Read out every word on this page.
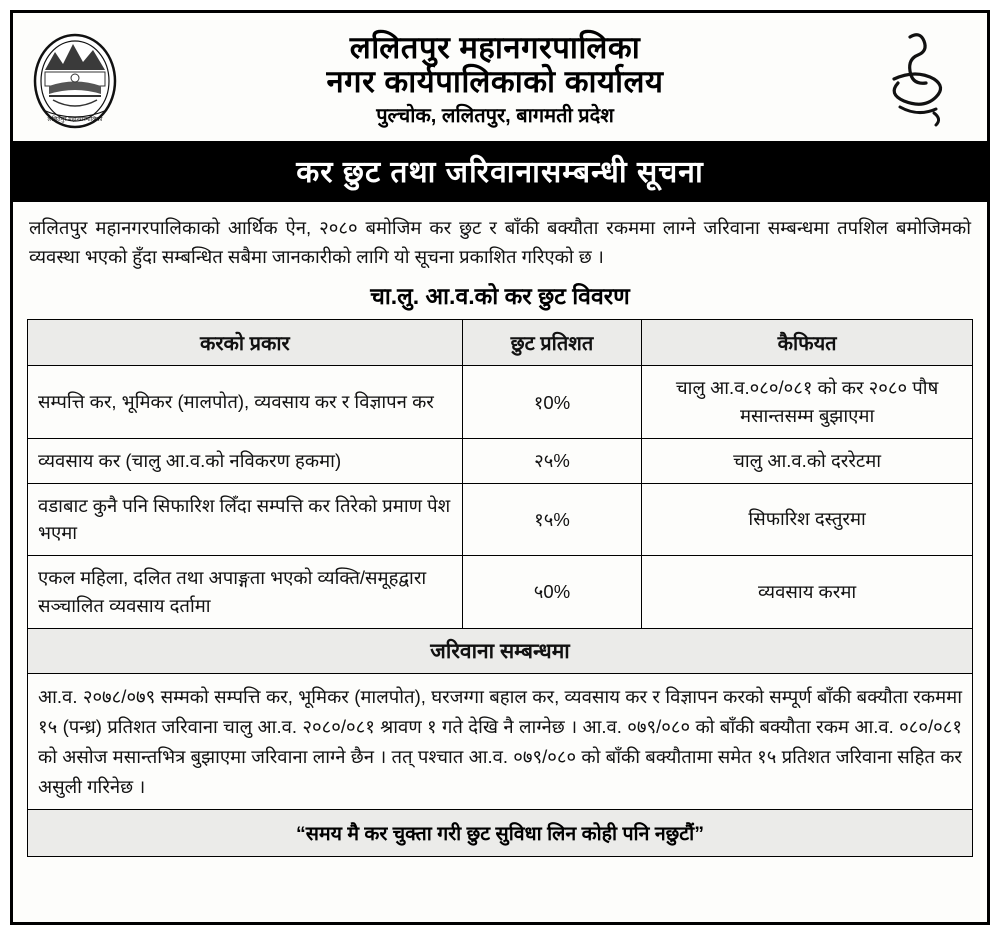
ललितपुर महानगरपालिका
ललितपुर महानगरपालिका
नगर कार्यपालिकाको कार्यालय
पुल्चोक, ललितपुर, बागमती प्रदेश
कर छुट तथा जरिवानासम्बन्धी सूचना
ललितपुर महानगरपालिकाको आर्थिक ऐन, २०८० बमोजिम कर छुट र बाँकी बक्यौता रकममा लाग्ने जरिवाना सम्बन्धमा तपशिल बमोजिमको व्यवस्था भएको हुँदा सम्बन्धित सबैमा जानकारीको लागि यो सूचना प्रकाशित गरिएको छ ।
चा.लु. आ.व.को कर छुट विवरण
करको प्रकार	छुट प्रतिशत	कैफियत
सम्पत्ति कर, भूमिकर (मालपोत), व्यवसाय कर र विज्ञापन कर	१0%	चालु आ.व.०८०/०८१ को कर २०८० पौष मसान्तसम्म बुझाएमा
व्यवसाय कर (चालु आ.व.को नविकरण हकमा)	२५%	चालु आ.व.को दररेटमा
वडाबाट कुनै पनि सिफारिश लिँदा सम्पत्ति कर तिरेको प्रमाण पेश भएमा	१५%	सिफारिश दस्तुरमा
एकल महिला, दलित तथा अपाङ्गता भएको व्यक्ति/समूहद्वारा सञ्चालित व्यवसाय दर्तामा	५0%	व्यवसाय करमा
जरिवाना सम्बन्धमा		
आ.व. २०७८/०७९ सम्मको सम्पत्ति कर, भूमिकर (मालपोत), घरजग्गा बहाल कर, व्यवसाय कर र विज्ञापन करको सम्पूर्ण बाँकी बक्यौता रकममा १५ (पन्ध्र) प्रतिशत जरिवाना चालु आ.व. २०८०/०८१ श्रावण १ गते देखि नै लाग्नेछ । आ.व. ०७९/०८० को बाँकी बक्यौता रकम आ.व. ०८०/०८१ को असोज मसान्तभित्र बुझाएमा जरिवाना लाग्ने छैन । तत् पश्चात आ.व. ०७९/०८० को बाँकी बक्यौतामा समेत १५ प्रतिशत जरिवाना सहित कर असुली गरिनेछ ।		
“समय मै कर चुक्ता गरी छुट सुविधा लिन कोही पनि नछुटौं”
